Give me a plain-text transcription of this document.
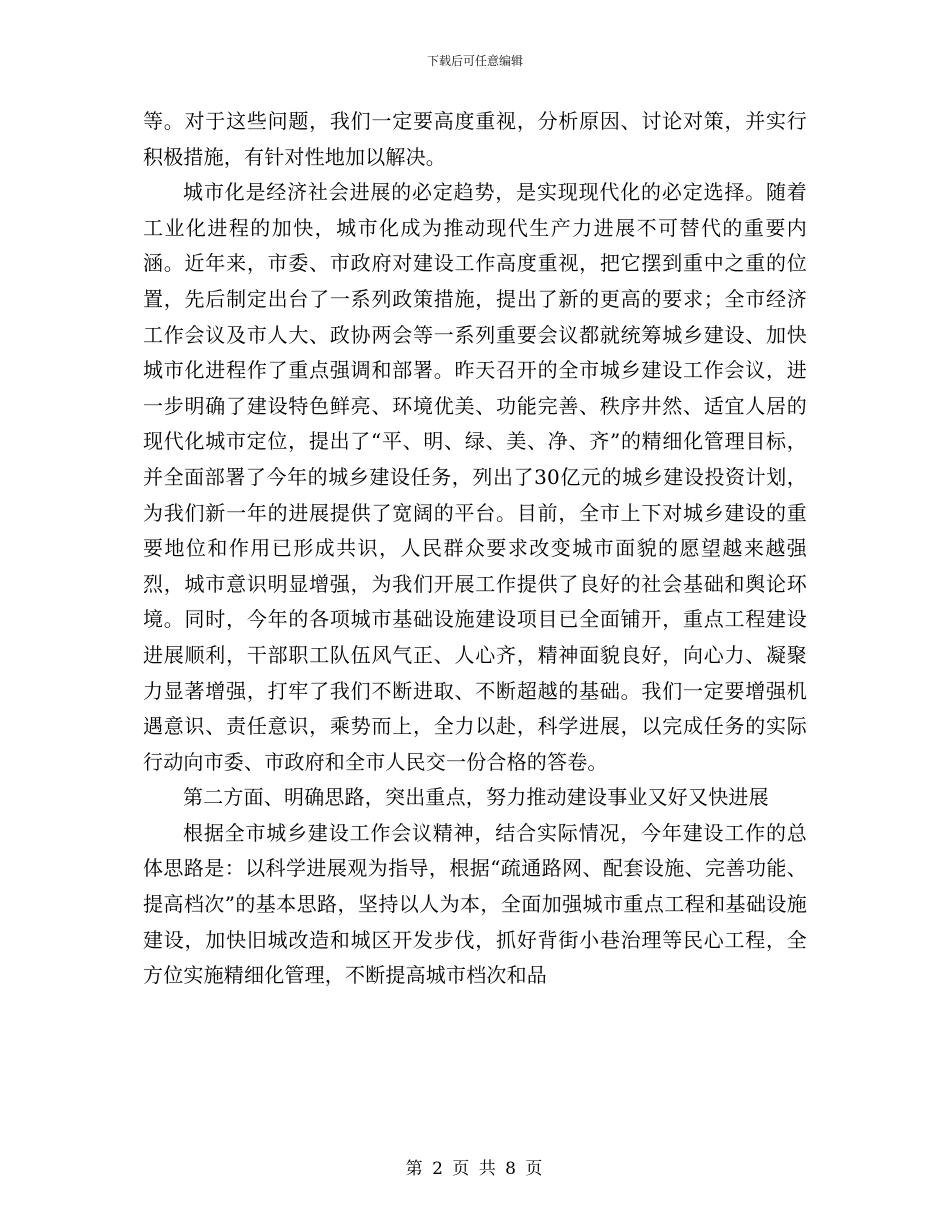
下载后可任意编辑

等。对于这些问题，我们一定要高度重视，分析原因、讨论对策，并实行积极措施，有针对性地加以解决。

城市化是经济社会进展的必定趋势，是实现现代化的必定选择。随着工业化进程的加快，城市化成为推动现代生产力进展不可替代的重要内涵。近年来，市委、市政府对建设工作高度重视，把它摆到重中之重的位置，先后制定出台了一系列政策措施，提出了新的更高的要求；全市经济工作会议及市人大、政协两会等一系列重要会议都就统筹城乡建设、加快城市化进程作了重点强调和部署。昨天召开的全市城乡建设工作会议，进一步明确了建设特色鲜亮、环境优美、功能完善、秩序井然、适宜人居的现代化城市定位，提出了“平、明、绿、美、净、齐”的精细化管理目标，并全面部署了今年的城乡建设任务，列出了30亿元的城乡建设投资计划，为我们新一年的进展提供了宽阔的平台。目前，全市上下对城乡建设的重要地位和作用已形成共识，人民群众要求改变城市面貌的愿望越来越强烈，城市意识明显增强，为我们开展工作提供了良好的社会基础和舆论环境。同时，今年的各项城市基础设施建设项目已全面铺开，重点工程建设进展顺利，干部职工队伍风气正、人心齐，精神面貌良好，向心力、凝聚力显著增强，打牢了我们不断进取、不断超越的基础。我们一定要增强机遇意识、责任意识，乘势而上，全力以赴，科学进展，以完成任务的实际行动向市委、市政府和全市人民交一份合格的答卷。

第二方面、明确思路，突出重点，努力推动建设事业又好又快进展

根据全市城乡建设工作会议精神，结合实际情况，今年建设工作的总体思路是：以科学进展观为指导，根据“疏通路网、配套设施、完善功能、提高档次”的基本思路，坚持以人为本，全面加强城市重点工程和基础设施建设，加快旧城改造和城区开发步伐，抓好背街小巷治理等民心工程，全方位实施精细化管理，不断提高城市档次和品

第 2 页 共 8 页
